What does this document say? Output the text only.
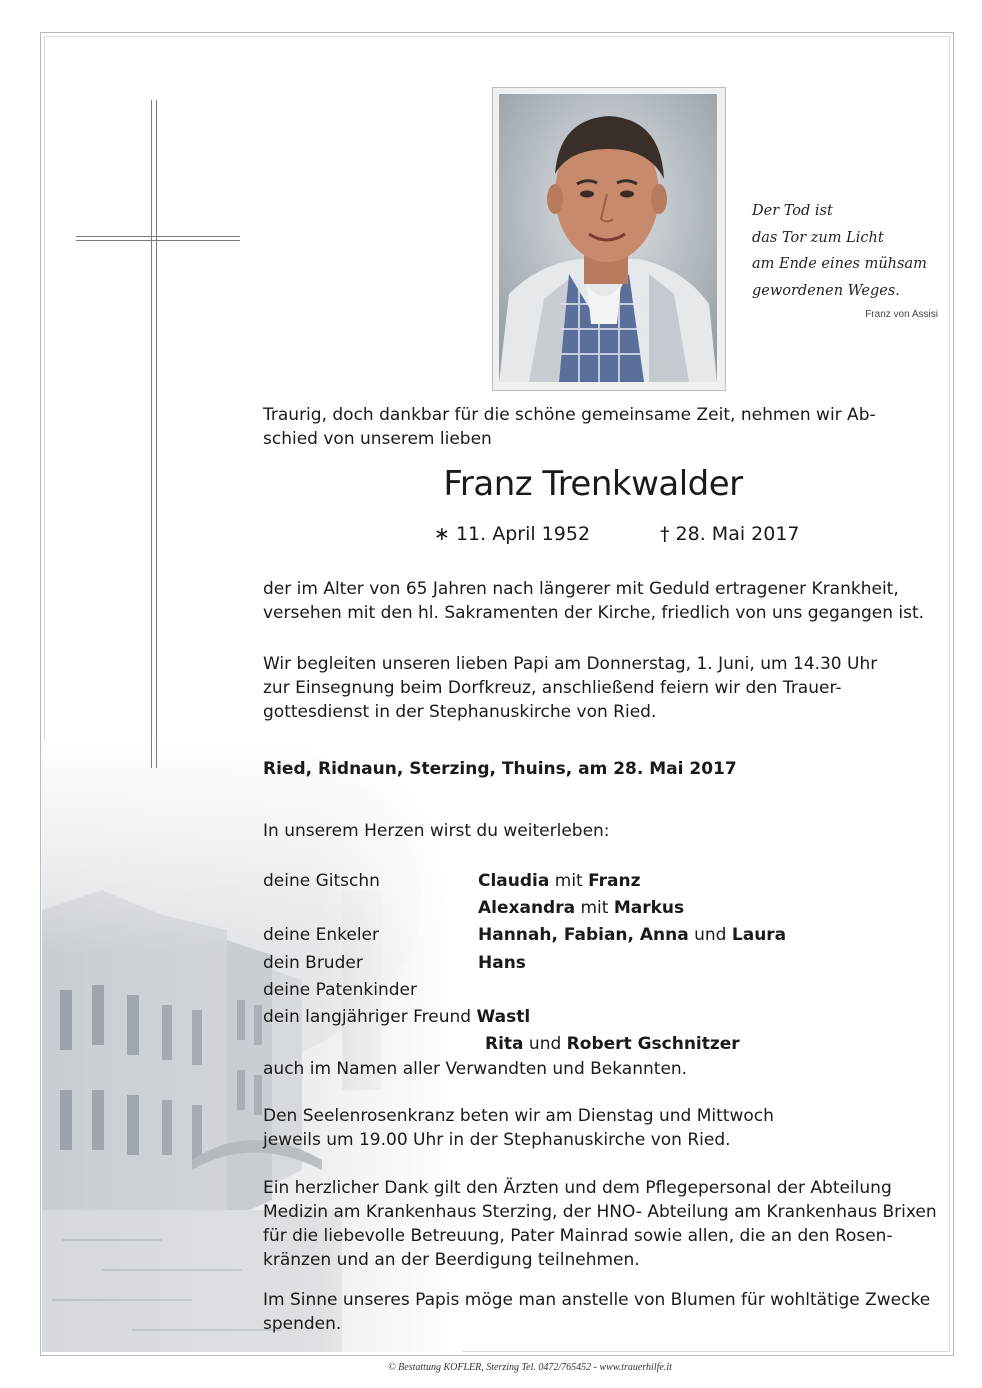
Der Tod ist
das Tor zum Licht
am Ende eines mühsam
gewordenen Weges.
Franz von Assisi
Traurig, doch dankbar für die schöne gemeinsame Zeit, nehmen wir Ab-
schied von unserem lieben
Franz Trenkwalder
∗ 11. April 1952	† 28. Mai 2017
der im Alter von 65 Jahren nach längerer mit Geduld ertragener Krankheit,
versehen mit den hl. Sakramenten der Kirche, friedlich von uns gegangen ist.
Wir begleiten unseren lieben Papi am Donnerstag, 1. Juni, um 14.30 Uhr
zur Einsegnung beim Dorfkreuz, anschließend feiern wir den Trauer-
gottesdienst in der Stephanuskirche von Ried.
Ried, Ridnaun, Sterzing, Thuins, am 28. Mai 2017
In unserem Herzen wirst du weiterleben:
deine Gitschn	Claudia mit Franz
Alexandra mit Markus
deine Enkeler	Hannah, Fabian, Anna und Laura
dein Bruder	Hans
deine Patenkinder
dein langjähriger Freund Wastl
Rita und Robert Gschnitzer
auch im Namen aller Verwandten und Bekannten.
Den Seelenrosenkranz beten wir am Dienstag und Mittwoch
jeweils um 19.00 Uhr in der Stephanuskirche von Ried.
Ein herzlicher Dank gilt den Ärzten und dem Pflegepersonal der Abteilung
Medizin am Krankenhaus Sterzing, der HNO- Abteilung am Krankenhaus Brixen
für die liebevolle Betreuung, Pater Mainrad sowie allen, die an den Rosen-
kränzen und an der Beerdigung teilnehmen.
Im Sinne unseres Papis möge man anstelle von Blumen für wohltätige Zwecke
spenden.
© Bestattung KOFLER, Sterzing Tel. 0472/765452 - www.trauerhilfe.it
